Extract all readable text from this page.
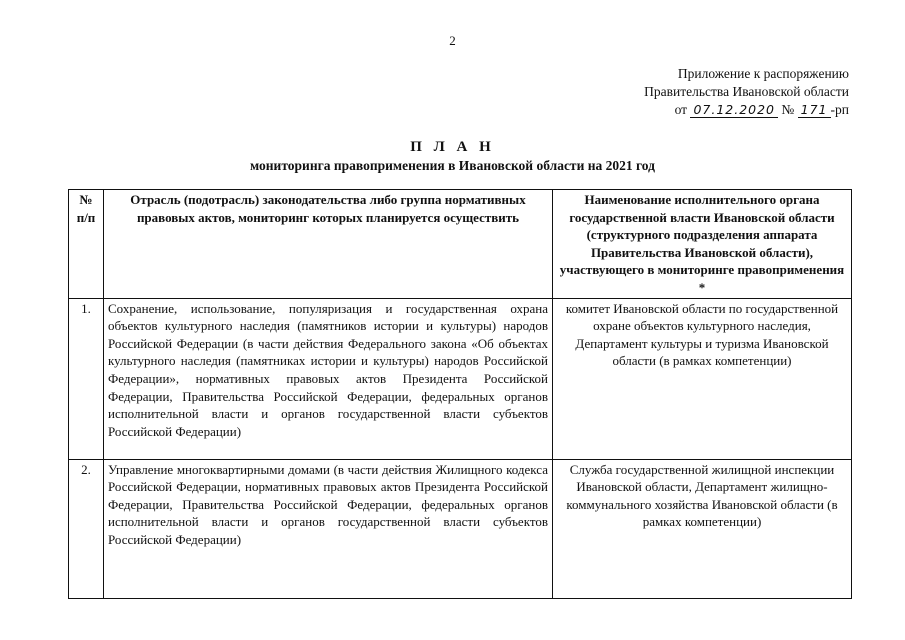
2
Приложение к распоряжению
Правительства Ивановской области
от 07.12.2020 № 171 -рп
П Л А Н
мониторинга правоприменения в Ивановской области на 2021 год
№ п/п	Отрасль (подотрасль) законодательства либо группа нормативных правовых актов, мониторинг которых планируется осуществить	Наименование исполнительного органа государственной власти Ивановской области (структурного подразделения аппарата Правительства Ивановской области), участвующего в мониторинге правоприменения *
1.	Сохранение, использование, популяризация и государственная охрана объектов культурного наследия (памятников истории и культуры) народов Российской Федерации (в части действия Федерального закона «Об объектах культурного наследия (памятниках истории и культуры) народов Российской Федерации», нормативных правовых актов Президента Российской Федерации, Правительства Российской Федерации, федеральных органов исполнительной власти и органов государственной власти субъектов Российской Федерации)	комитет Ивановской области по государственной охране объектов культурного наследия, Департамент культуры и туризма Ивановской области (в рамках компетенции)
2.	Управление многоквартирными домами (в части действия Жилищного кодекса Российской Федерации, нормативных правовых актов Президента Российской Федерации, Правительства Российской Федерации, федеральных органов исполнительной власти и органов государственной власти субъектов Российской Федерации)	Служба государственной жилищной инспекции Ивановской области, Департамент жилищно-коммунального хозяйства Ивановской области (в рамках компетенции)
